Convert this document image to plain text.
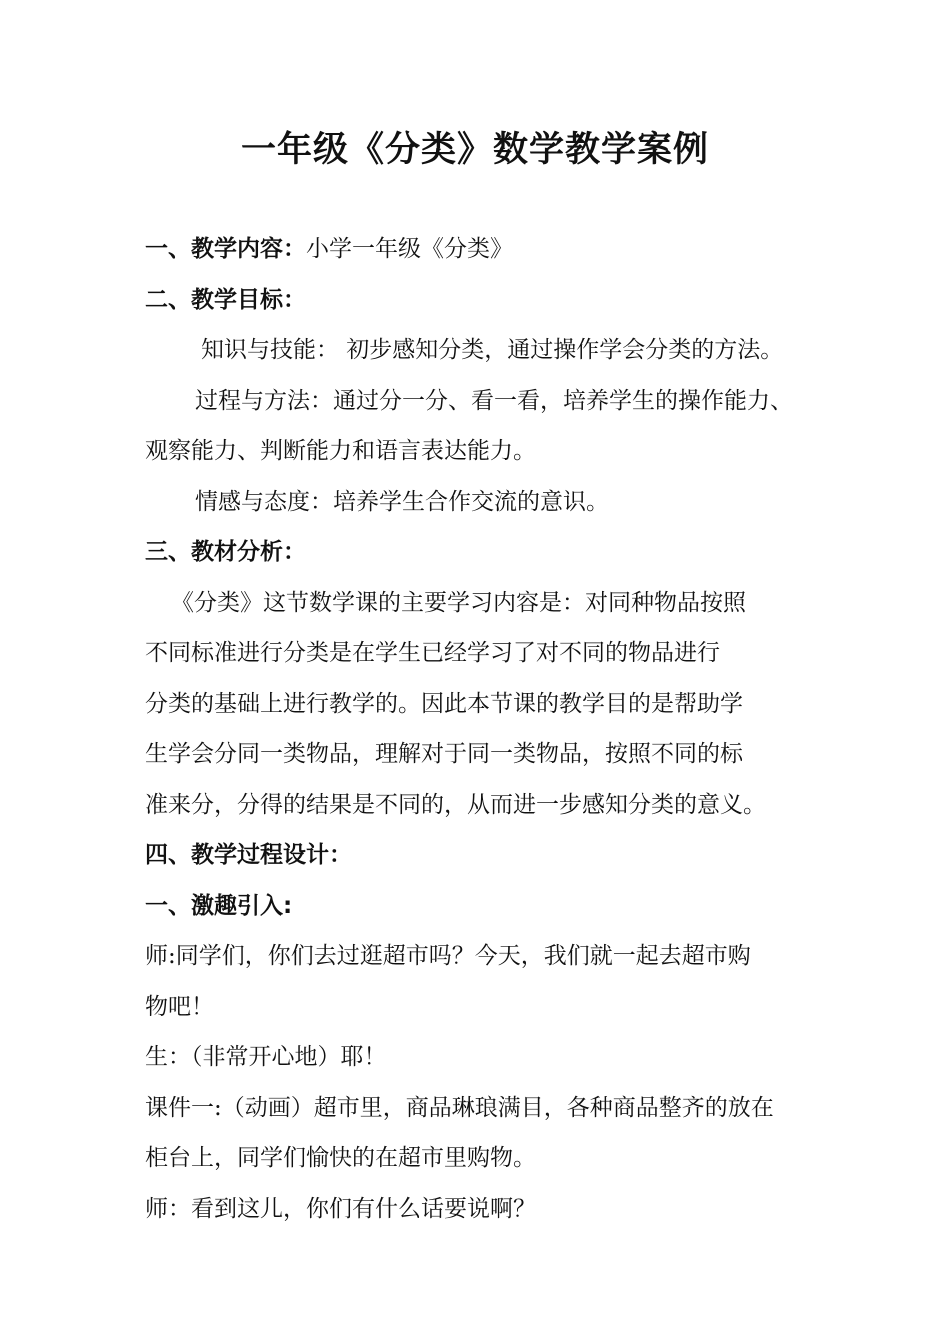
一年级《分类》数学教学案例
一、教学内容：小学一年级《分类》
二、教学目标：
知识与技能： 初步感知分类，通过操作学会分类的方法。
过程与方法：通过分一分、看一看，培养学生的操作能力、
观察能力、判断能力和语言表达能力。
情感与态度：培养学生合作交流的意识。
三、教材分析：
《分类》这节数学课的主要学习内容是：对同种物品按照
不同标准进行分类是在学生已经学习了对不同的物品进行
分类的基础上进行教学的。因此本节课的教学目的是帮助学
生学会分同一类物品，理解对于同一类物品，按照不同的标
准来分，分得的结果是不同的，从而进一步感知分类的意义。
四、教学过程设计：
一、激趣引入:
师:同学们，你们去过逛超市吗？今天，我们就一起去超市购
物吧！
生：（非常开心地）耶！
课件一:（动画）超市里，商品琳琅满目，各种商品整齐的放在
柜台上，同学们愉快的在超市里购物。
师：看到这儿，你们有什么话要说啊？
